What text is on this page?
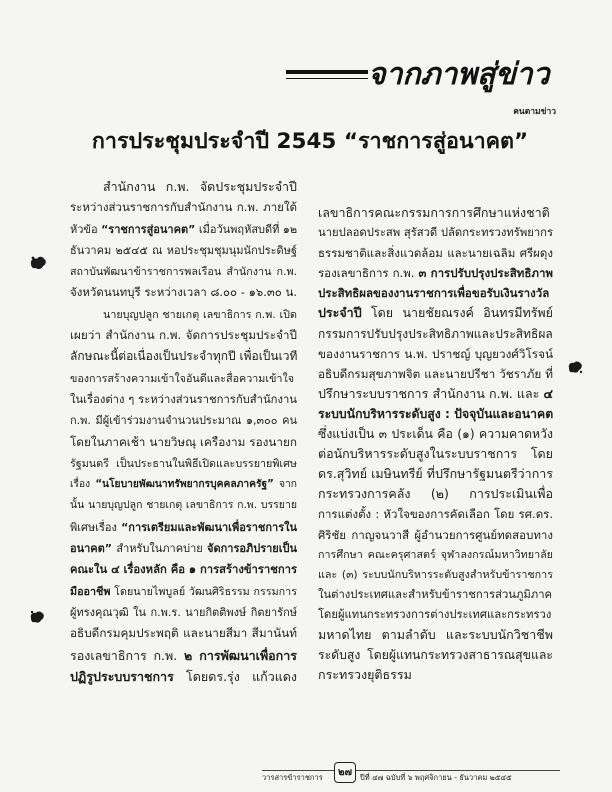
จากภาพสู่ข่าว
คนตามข่าว
การประชุมประจำปี 2545 “ราชการสู่อนาคต”
สำนักงาน ก.พ. จัดประชุมประจำปี
ระหว่างส่วนราชการกับสำนักงาน ก.พ. ภายใต้
หัวข้อ “ราชการสู่อนาคต” เมื่อวันพฤหัสบดีที่ ๑๒
ธันวาคม ๒๕๔๕ ณ หอประชุมชุมนุมนักประดิษฐ์
สถาบันพัฒนาข้าราชการพลเรือน สำนักงาน ก.พ.
จังหวัดนนทบุรี ระหว่างเวลา ๘.๐๐ - ๑๖.๓๐ น.
นายบุญปลูก ชายเกตุ เลขาธิการ ก.พ. เปิด
เผยว่า สำนักงาน ก.พ. จัดการประชุมประจำปี
ลักษณะนี้ต่อเนื่องเป็นประจำทุกปี เพื่อเป็นเวที
ของการสร้างความเข้าใจอันดีและสื่อความเข้าใจ
ในเรื่องต่าง ๆ ระหว่างส่วนราชการกับสำนักงาน
ก.พ. มีผู้เข้าร่วมงานจำนวนประมาณ ๑,๓๐๐ คน
โดยในภาคเช้า นายวิษณุ เครืองาม รองนายก
รัฐมนตรี เป็นประธานในพิธีเปิดและบรรยายพิเศษ
เรื่อง “นโยบายพัฒนาทรัพยากรบุคคลภาครัฐ” จาก
นั้น นายบุญปลูก ชายเกตุ เลขาธิการ ก.พ. บรรยาย
พิเศษเรื่อง “การเตรียมและพัฒนาเพื่อราชการใน
อนาคต” สำหรับในภาคบ่าย จัดการอภิปรายเป็น
คณะใน ๔ เรื่องหลัก คือ ๑ การสร้างข้าราชการ
มืออาชีพ โดยนายไพบูลย์ วัฒนศิริธรรม กรรมการ
ผู้ทรงคุณวุฒิ ใน ก.พ.ร. นายกิตติพงษ์ กิตยารักษ์
อธิบดีกรมคุมประพฤติ และนายสีมา สีมานันท์
รองเลขาธิการ ก.พ. ๒ การพัฒนาเพื่อการ
ปฏิรูประบบราชการ โดยดร.รุ่ง แก้วแดง
เลขาธิการคณะกรรมการการศึกษาแห่งชาติ
นายปลอดประสพ สุรัสวดี ปลัดกระทรวงทรัพยากร
ธรรมชาติและสิ่งแวดล้อม และนายเฉลิม ศรีผดุง
รองเลขาธิการ ก.พ. ๓ การปรับปรุงประสิทธิภาพ
ประสิทธิผลของงานราชการเพื่อขอรับเงินรางวัล
ประจำปี โดย นายชัยณรงค์ อินทรมีทรัพย์
กรรมการปรับปรุงประสิทธิภาพและประสิทธิผล
ของงานราชการ น.พ. ปราชญ์ บุญยวงศ์วิโรจน์
อธิบดีกรมสุขภาพจิต และนายปรีชา วัชราภัย ที่
ปรึกษาระบบราชการ สำนักงาน ก.พ. และ ๔
ระบบนักบริหารระดับสูง : ปัจจุบันและอนาคต
ซึ่งแบ่งเป็น ๓ ประเด็น คือ (๑) ความคาดหวัง
ต่อนักบริหารระดับสูงในระบบราชการ โดย
ดร.สุวิทย์ เมษินทรีย์ ที่ปรึกษารัฐมนตรีว่าการ
กระทรวงการคลัง (๒) การประเมินเพื่อ
การแต่งตั้ง : หัวใจของการคัดเลือก โดย รศ.ดร.
ศิริชัย กาญจนวาสี ผู้อำนวยการศูนย์ทดสอบทาง
การศึกษา คณะครุศาสตร์ จุฬาลงกรณ์มหาวิทยาลัย
และ (๓) ระบบนักบริหารระดับสูงสำหรับข้าราชการ
ในต่างประเทศและสำหรับข้าราชการส่วนภูมิภาค
โดยผู้แทนกระทรวงการต่างประเทศและกระทรวง
มหาดไทย ตามลำดับ และระบบนักวิชาชีพ
ระดับสูง โดยผู้แทนกระทรวงสาธารณสุขและ
กระทรวงยุติธรรม
วารสารข้าราชการ	๒๗	ปีที่ ๔๗ ฉบับที่ ๖ พฤศจิกายน - ธันวาคม ๒๕๔๕
